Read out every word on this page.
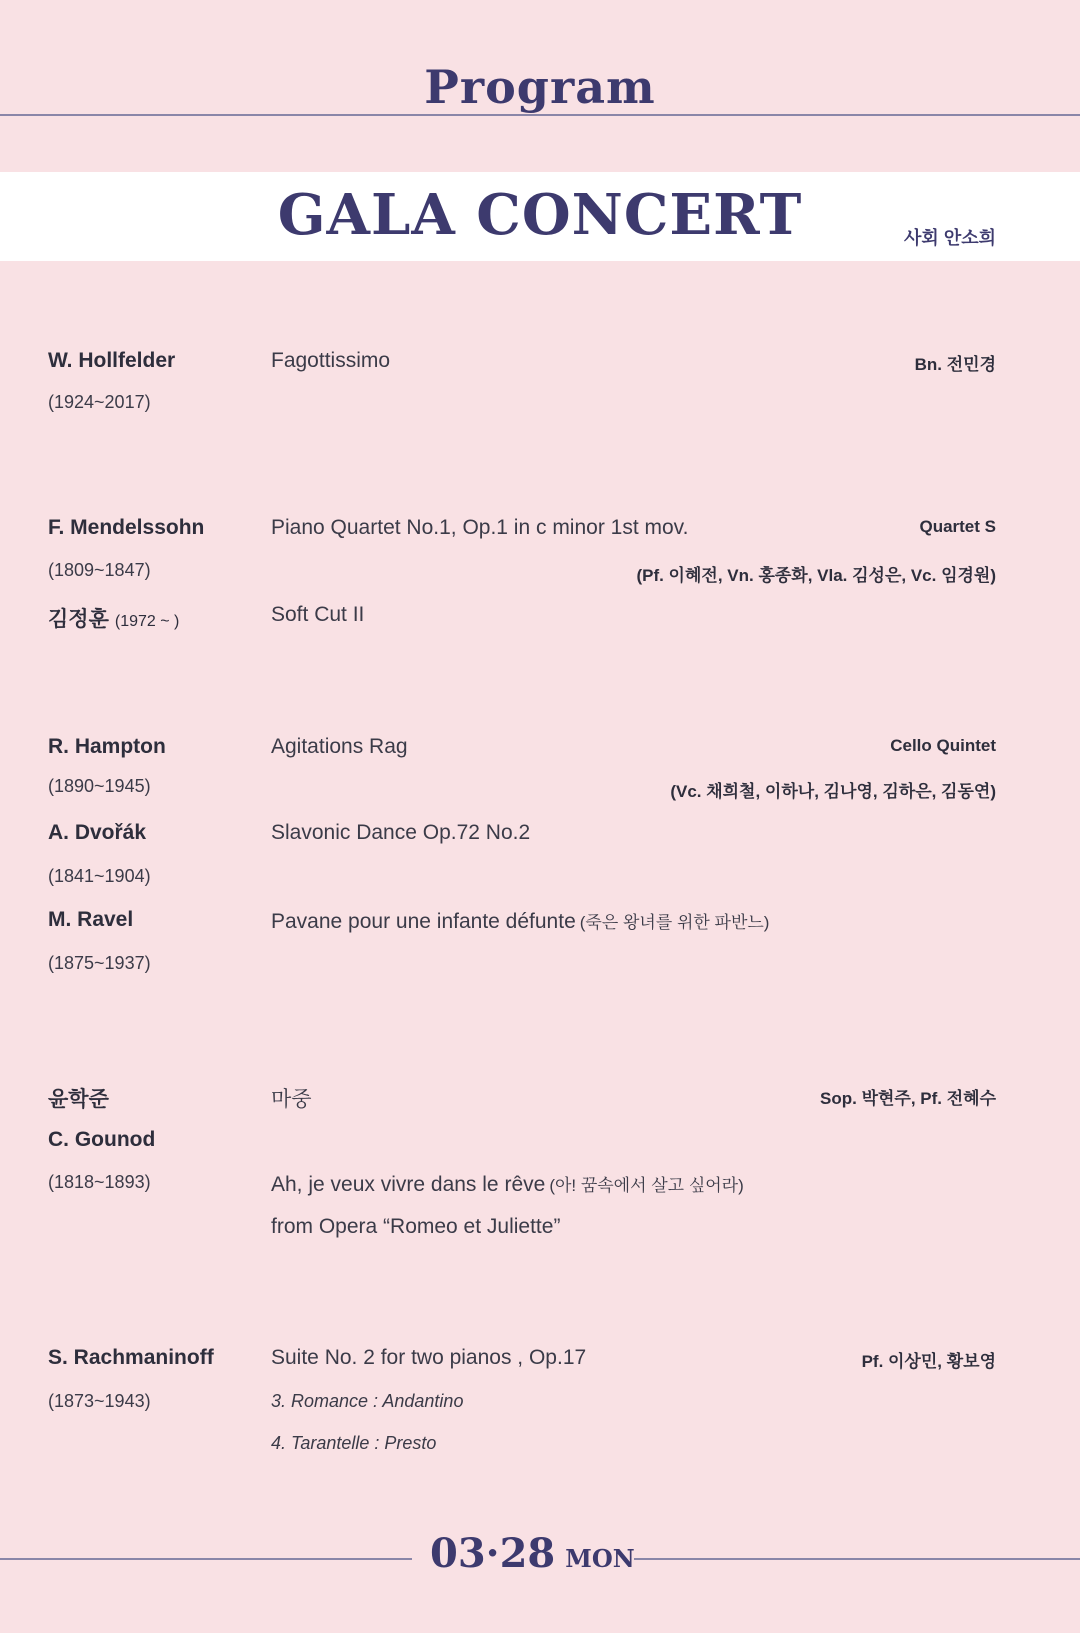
Program
GALA CONCERT	사회 안소희
W. Hollfelder
(1924~2017)
Fagottissimo	Bn. 전민경
F. Mendelssohn
(1809~1847)
김정훈 (1972 ~ )
Piano Quartet No.1, Op.1 in c minor 1st mov.
Soft Cut II
Quartet S
(Pf. 이혜전, Vn. 홍종화, Vla. 김성은, Vc. 임경원)
R. Hampton
(1890~1945)
A. Dvořák
(1841~1904)
M. Ravel
(1875~1937)
Agitations Rag
Slavonic Dance Op.72 No.2
Pavane pour une infante défunte (죽은 왕녀를 위한 파반느)
Cello Quintet
(Vc. 채희철, 이하나, 김나영, 김하은, 김동연)
윤학준
C. Gounod
(1818~1893)
마중
Ah, je veux vivre dans le rêve (아! 꿈속에서 살고 싶어라)
from Opera “Romeo et Juliette”
Sop. 박현주, Pf. 전혜수
S. Rachmaninoff
(1873~1943)
Suite No. 2 for two pianos , Op.17
3. Romance : Andantino
4. Tarantelle : Presto
Pf. 이상민, 황보영
03·28 MON
